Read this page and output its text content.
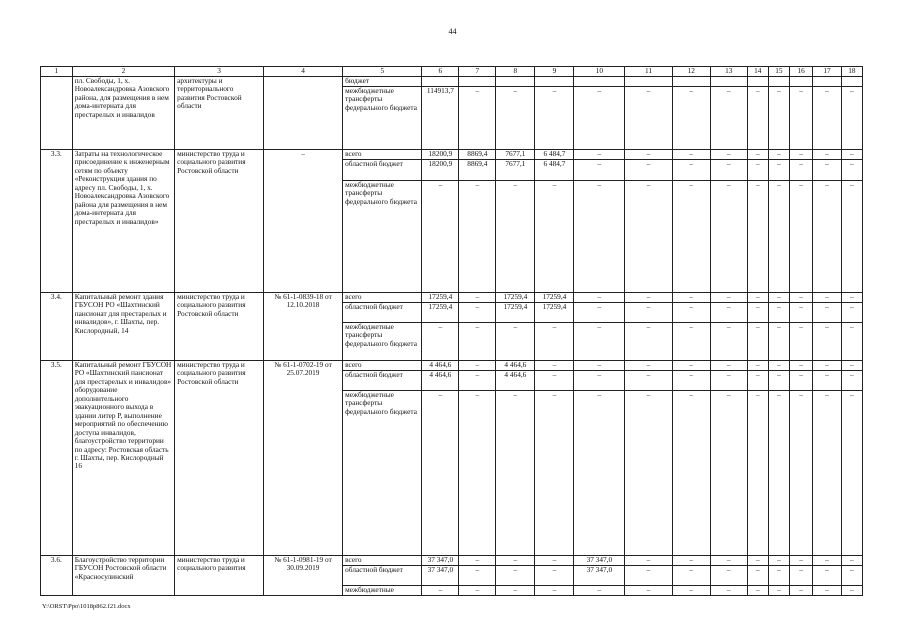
44
1	2	3	4	5	6	7	8	9	10	11	12	13	14	15	16	17	18
	пл. Свободы, 1, х. Новоалександровка Азовского района, для размещения в нем дома-интерната для престарелых и инвалидов	архитектуры и территориального развития Ростовской области		бюджет													
				межбюджетные трансферты федерального бюджета	114913,7	–	–	–	–	–	–	–	–	–	–	–	–
3.3.	Затраты на технологическое присоединение к инженерным сетям по объекту «Реконструкция здания по адресу пл. Свободы, 1, х. Новоалександровка Азовского района для размещения в нем дома-интерната для престарелых и инвалидов»	министерство труда и социального развития Ростовской области	–	всего	18200,9	8869,4	7677,1	6 484,7	–	–	–	–	–	–	–	–	–
				областной бюджет	18200,9	8869,4	7677,1	6 484,7	–	–	–	–	–	–	–	–	–
				межбюджетные трансферты федерального бюджета	–	–	–	–	–	–	–	–	–	–	–	–	–
3.4.	Капитальный ремонт здания ГБУСОН РО «Шахтинский пансионат для престарелых и инвалидов», г. Шахты, пер. Кислородный, 14	министерство труда и социального развития Ростовской области	№ 61-1-0839-18 от 12.10.2018	всего	17259,4	–	17259,4	17259,4	–	–	–	–	–	–	–	–	–
				областной бюджет	17259,4	–	17259,4	17259,4	–	–	–	–	–	–	–	–	–
				межбюджетные трансферты федерального бюджета	–	–	–	–	–	–	–	–	–	–	–	–	–
3.5.	Капитальный ремонт ГБУСОН РО «Шахтинский пансионат для престарелых и инвалидов» оборудование дополнительного эвакуационного выхода в здании литер Р, выполнение мероприятий по обеспечению доступа инвалидов, благоустройство территории по адресу: Ростовская область г. Шахты, пер. Кислородный 16	министерство труда и социального развития Ростовской области	№ 61-1-0702-19 от 25.07.2019	всего	4 464,6	–	4 464,6	–	–	–	–	–	–	–	–	–	–
				областной бюджет	4 464,6	–	4 464,6	–	–	–	–	–	–	–	–	–	–
				межбюджетные трансферты федерального бюджета	–	–	–	–	–	–	–	–	–	–	–	–	–
3.6.	Благоустройство территории ГБУСОН Ростовской области «Красносулинский	министерство труда и социального развития	№ 61-1-0981-19 от 30.09.2019	всего	37 347,0	–	–	–	37 347,0	–	–	–	–	–	–	–	–
				областной бюджет	37 347,0	–	–	–	37 347,0	–	–	–	–	–	–	–	–
				межбюджетные	–	–	–	–	–	–	–	–	–	–	–	–	–
Y:\ORST\Ppo\1018p862.f21.docx
